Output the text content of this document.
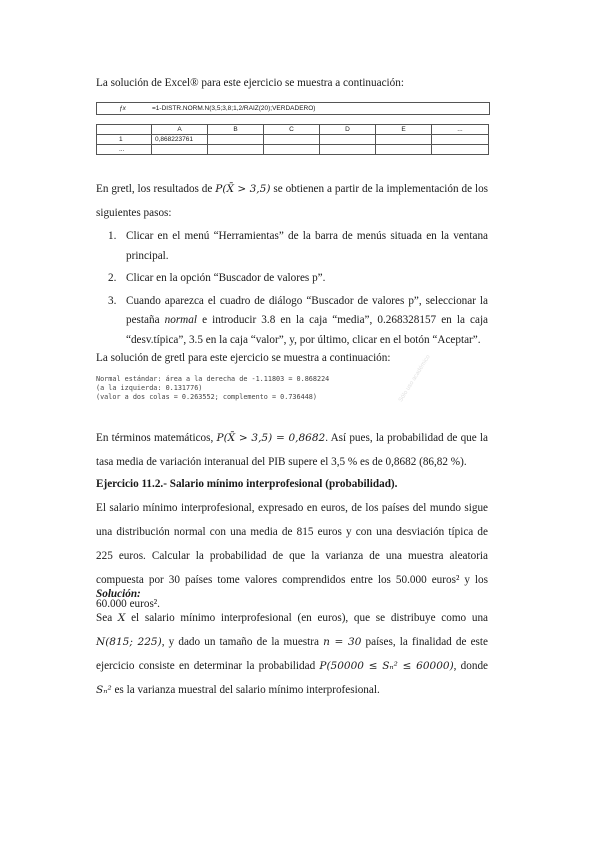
La solución de Excel® para este ejercicio se muestra a continuación:

ƒx	=1-DISTR.NORM.N(3,5;3,8;1,2/RAIZ(20);VERDADERO)
	A	B	C	D	E	...
1	0,868223761					
...						

En gretl, los resultados de P(X̄ > 3,5) se obtienen a partir de la implementación de los siguientes pasos:

1. Clicar en el menú “Herramientas” de la barra de menús situada en la ventana principal.
2. Clicar en la opción “Buscador de valores p”.
3. Cuando aparezca el cuadro de diálogo “Buscador de valores p”, seleccionar la pestaña normal e introducir 3.8 en la caja “media”, 0.268328157 en la caja “desv.típica”, 3.5 en la caja “valor”, y, por último, clicar en el botón “Aceptar”.

La solución de gretl para este ejercicio se muestra a continuación:

Normal estándar: área a la derecha de -1.11803 = 0.868224
(a la izquierda: 0.131776)
(valor a dos colas = 0.263552; complemento = 0.736448)	Sólo uso académico

En términos matemáticos, P(X̄ > 3,5) = 0,8682. Así pues, la probabilidad de que la tasa media de variación interanual del PIB supere el 3,5 % es de 0,8682 (86,82 %).

Ejercicio 11.2.- Salario mínimo interprofesional (probabilidad).

El salario mínimo interprofesional, expresado en euros, de los países del mundo sigue una distribución normal con una media de 815 euros y con una desviación típica de 225 euros. Calcular la probabilidad de que la varianza de una muestra aleatoria compuesta por 30 países tome valores comprendidos entre los 50.000 euros² y los 60.000 euros².

Solución:

Sea X el salario mínimo interprofesional (en euros), que se distribuye como una N(815; 225), y dado un tamaño de la muestra n = 30 países, la finalidad de este ejercicio consiste en determinar la probabilidad P(50000 ≤ Sₙ² ≤ 60000), donde Sₙ² es la varianza muestral del salario mínimo interprofesional.
